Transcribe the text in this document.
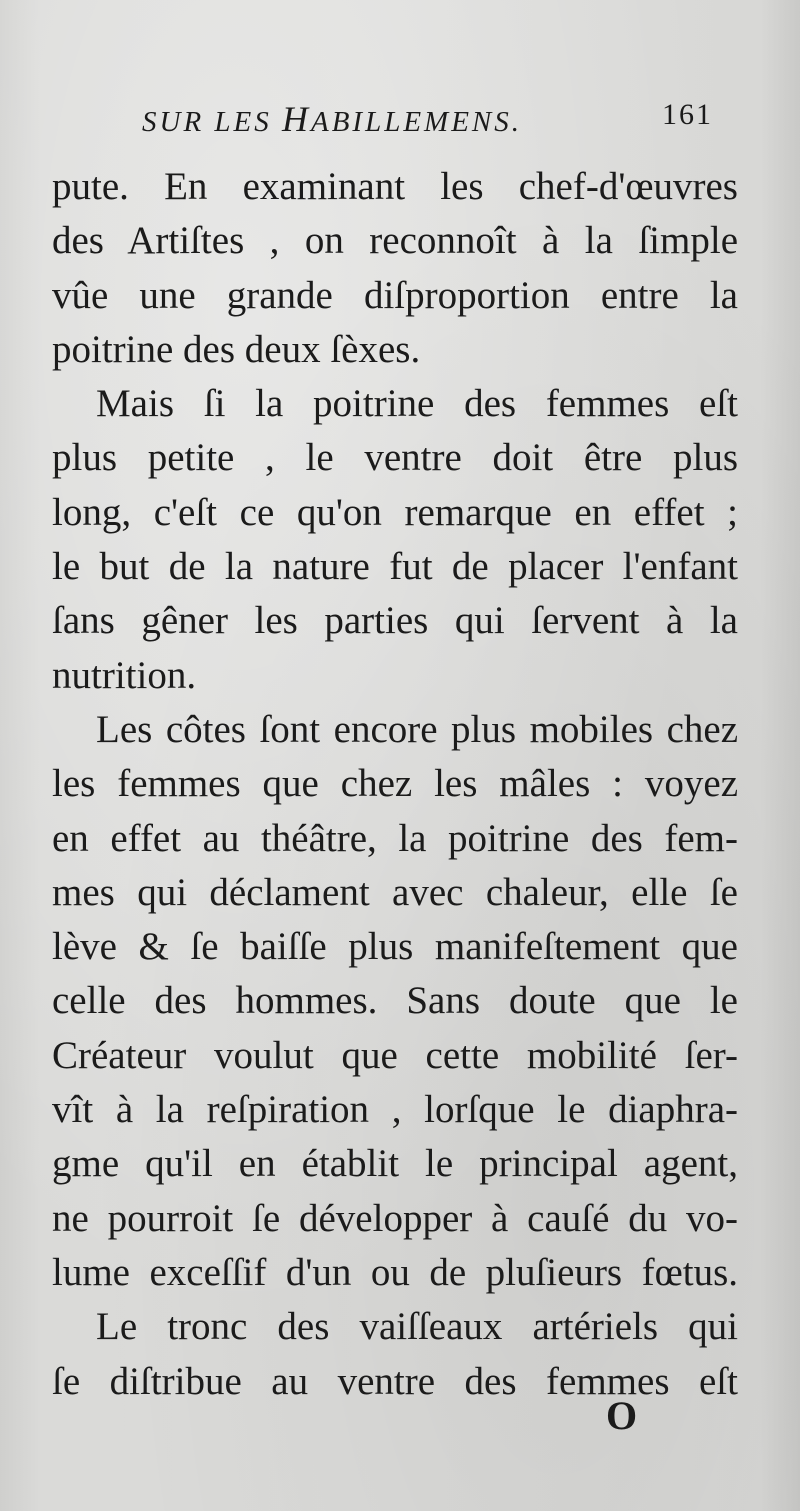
SUR LES HABILLEMENS.	161
pute. En examinant les chef-d'œuvres
des Artiſtes , on reconnoît à la ſimple
vûe une grande diſproportion entre la
poitrine des deux ſèxes.
Mais ſi la poitrine des femmes eſt
plus petite , le ventre doit être plus
long, c'eſt ce qu'on remarque en effet ;
le but de la nature fut de placer l'enfant
ſans gêner les parties qui ſervent à la
nutrition.
Les côtes ſont encore plus mobiles chez
les femmes que chez les mâles : voyez
en effet au théâtre, la poitrine des fem-
mes qui déclament avec chaleur, elle ſe
lève & ſe baiſſe plus manifeſtement que
celle des hommes. Sans doute que le
Créateur voulut que cette mobilité ſer-
vît à la reſpiration , lorſque le diaphra-
gme qu'il en établit le principal agent,
ne pourroit ſe développer à cauſé du vo-
lume exceſſif d'un ou de pluſieurs fœtus.
Le tronc des vaiſſeaux artériels qui
ſe diſtribue au ventre des femmes eſt
O
